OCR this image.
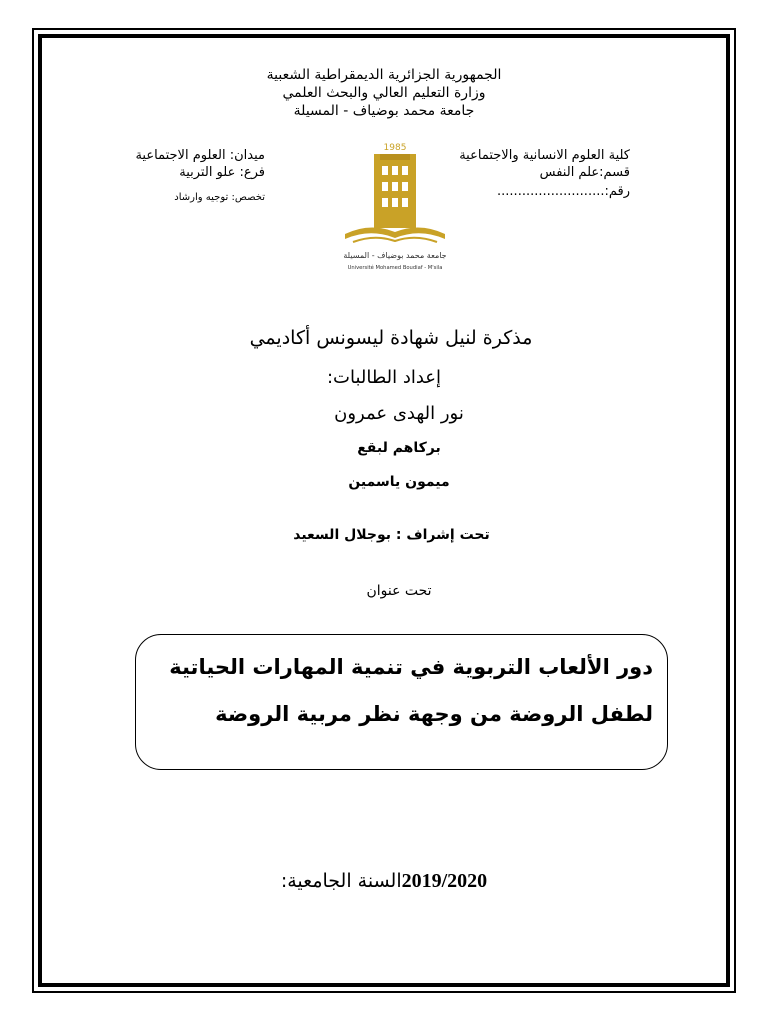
الجمهورية الجزائرية الديمقراطية الشعبية
وزارة التعليم العالي والبحث العلمي
جامعة محمد بوضياف - المسيلة
كلية العلوم الانسانية والاجتماعية
قسم:علم النفس
رقم:..........................
ميدان: العلوم الاجتماعية
فرع: علو التربية
تخصص: توجيه وارشاد
1985
جامعة محمد بوضياف - المسيلة
Université Mohamed Boudiaf - M'sila
مذكرة لنيل شهادة ليسونس أكاديمي
إعداد الطالبات:
نور الهدى عمرون
بركاهم لبقع
ميمون ياسمين
تحت إشراف : بوجلال السعيد
تحت عنوان
دور الألعاب التربوية في تنمية المهارات الحياتية
لطفل الروضة من وجهة نظر مربية الروضة
السنة الجامعية:2019/2020
